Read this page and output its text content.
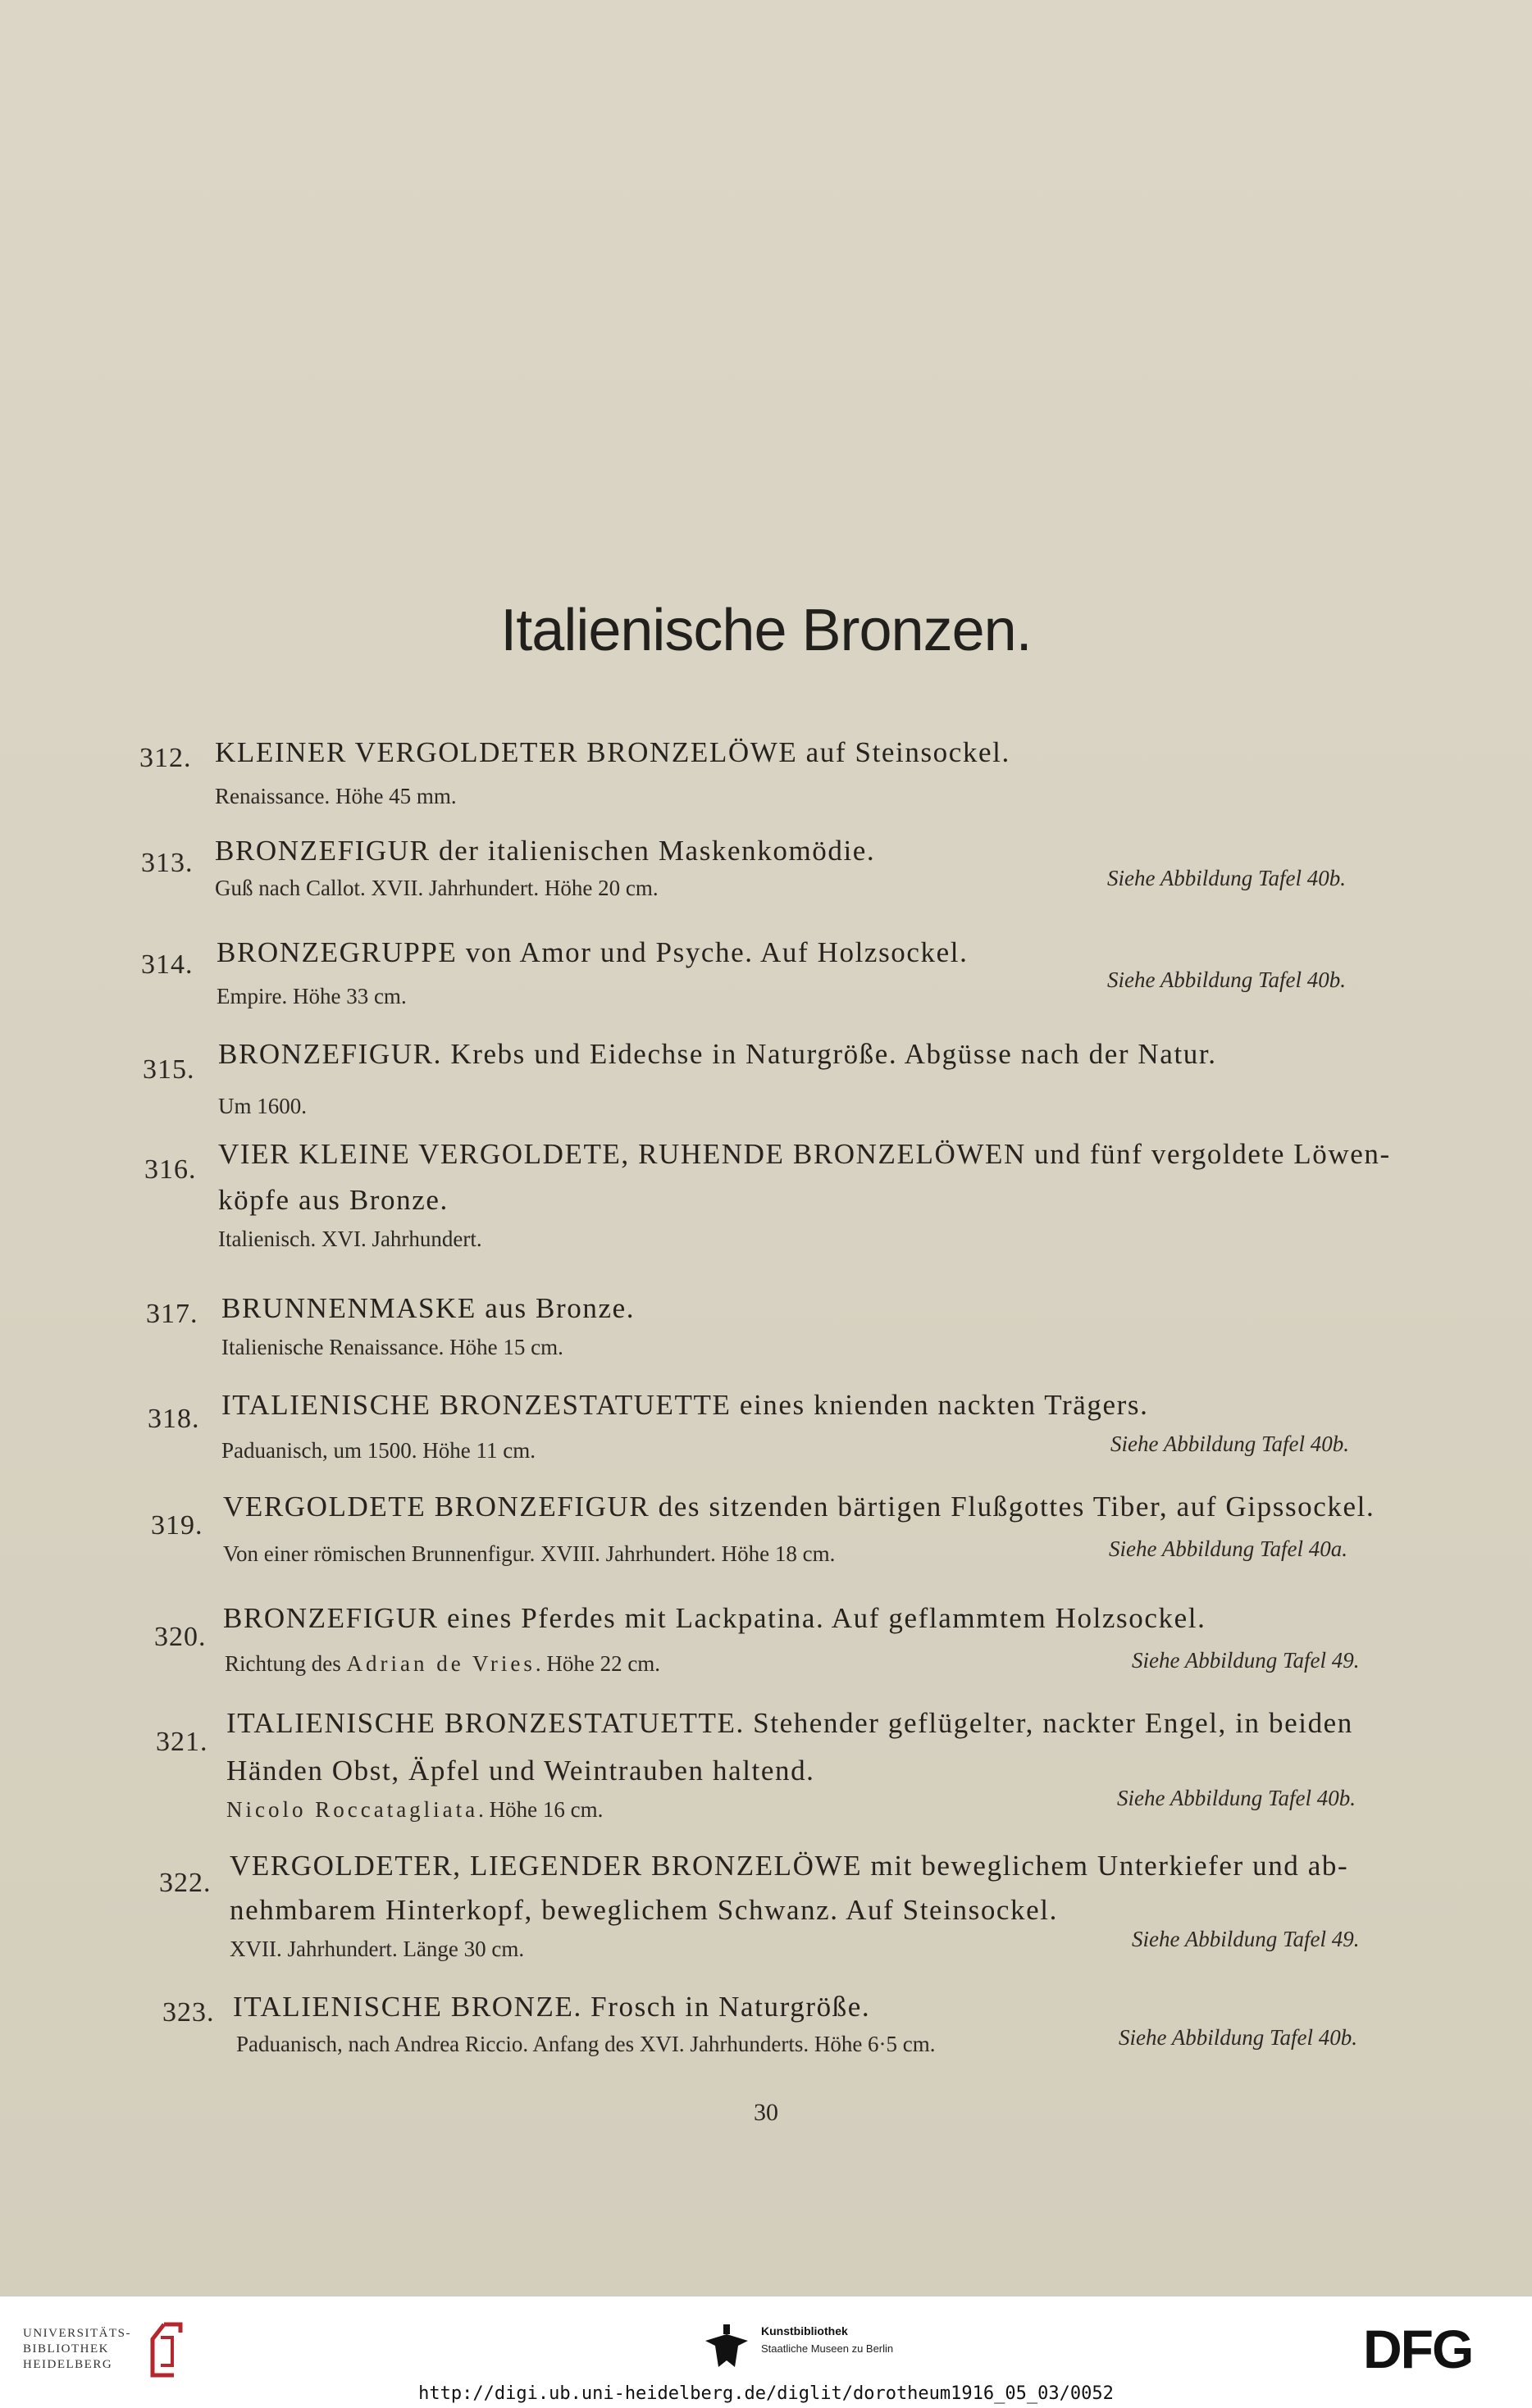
Italienische Bronzen.
312. KLEINER VERGOLDETER BRONZELÖWE auf Steinsockel.
Renaissance. Höhe 45 mm.
313. BRONZEFIGUR der italienischen Maskenkomödie.
Guß nach Callot. XVII. Jahrhundert. Höhe 20 cm.	Siehe Abbildung Tafel 40b.
314. BRONZEGRUPPE von Amor und Psyche. Auf Holzsockel.
Empire. Höhe 33 cm.
Siehe Abbildung Tafel 40b.
315. BRONZEFIGUR. Krebs und Eidechse in Naturgröße. Abgüsse nach der Natur.
Um 1600.
316. VIER KLEINE VERGOLDETE, RUHENDE BRONZELÖWEN und fünf vergoldete Löwen-
köpfe aus Bronze.
Italienisch. XVI. Jahrhundert.
317. BRUNNENMASKE aus Bronze.
Italienische Renaissance. Höhe 15 cm.
318. ITALIENISCHE BRONZESTATUETTE eines knienden nackten Trägers.
Paduanisch, um 1500. Höhe 11 cm.	Siehe Abbildung Tafel 40b.
319.
VERGOLDETE BRONZEFIGUR des sitzenden bärtigen Flußgottes Tiber, auf Gipssockel.
Von einer römischen Brunnenfigur. XVIII. Jahrhundert. Höhe 18 cm.	Siehe Abbildung Tafel 40a.
320.
BRONZEFIGUR eines Pferdes mit Lackpatina. Auf geflammtem Holzsockel.
Richtung des Adrian de Vries. Höhe 22 cm.	Siehe Abbildung Tafel 49.
321.
ITALIENISCHE BRONZESTATUETTE. Stehender geflügelter, nackter Engel, in beiden
Händen Obst, Äpfel und Weintrauben haltend.
Nicolo Roccatagliata. Höhe 16 cm.	Siehe Abbildung Tafel 40b.
322.
VERGOLDETER, LIEGENDER BRONZELÖWE mit beweglichem Unterkiefer und ab-
nehmbarem Hinterkopf, beweglichem Schwanz. Auf Steinsockel.
XVII. Jahrhundert. Länge 30 cm.	Siehe Abbildung Tafel 49.
323. ITALIENISCHE BRONZE. Frosch in Naturgröße.
Paduanisch, nach Andrea Riccio. Anfang des XVI. Jahrhunderts. Höhe 6·5 cm.	Siehe Abbildung Tafel 40b.
30
UNIVERSITÄTS-
BIBLIOTHEK
HEIDELBERG
Kunstbibliothek
Staatliche Museen zu Berlin	DFG
http://digi.ub.uni-heidelberg.de/diglit/dorotheum1916_05_03/0052
